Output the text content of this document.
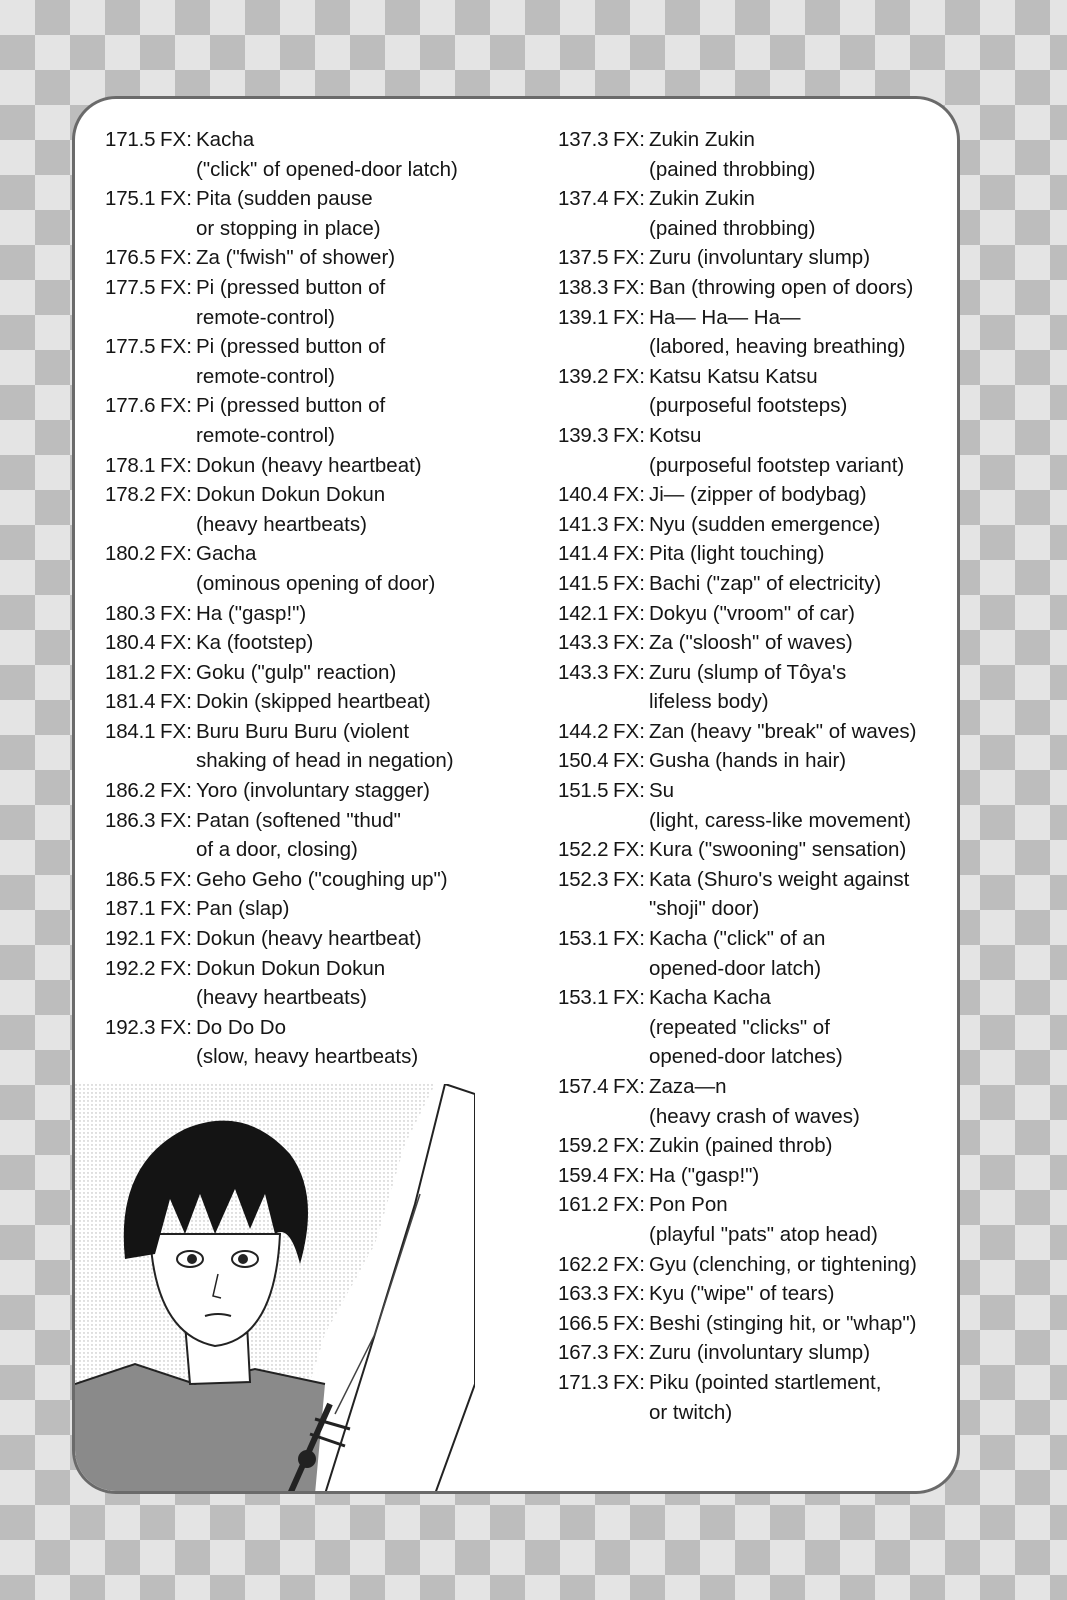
171.5 FX: Kacha
("click" of opened-door latch)
175.1 FX: Pita (sudden pause
or stopping in place)
176.5 FX: Za ("fwish" of shower)
177.5 FX: Pi (pressed button of
remote-control)
177.5 FX: Pi (pressed button of
remote-control)
177.6 FX: Pi (pressed button of
remote-control)
178.1 FX: Dokun (heavy heartbeat)
178.2 FX: Dokun Dokun Dokun
(heavy heartbeats)
180.2 FX: Gacha
(ominous opening of door)
180.3 FX: Ha ("gasp!")
180.4 FX: Ka (footstep)
181.2 FX: Goku ("gulp" reaction)
181.4 FX: Dokin (skipped heartbeat)
184.1 FX: Buru Buru Buru (violent
shaking of head in negation)
186.2 FX: Yoro (involuntary stagger)
186.3 FX: Patan (softened "thud"
of a door, closing)
186.5 FX: Geho Geho ("coughing up")
187.1 FX: Pan (slap)
192.1 FX: Dokun (heavy heartbeat)
192.2 FX: Dokun Dokun Dokun
(heavy heartbeats)
192.3 FX: Do Do Do
(slow, heavy heartbeats)
137.3 FX: Zukin Zukin
(pained throbbing)
137.4 FX: Zukin Zukin
(pained throbbing)
137.5 FX: Zuru (involuntary slump)
138.3 FX: Ban (throwing open of doors)
139.1 FX: Ha— Ha— Ha—
(labored, heaving breathing)
139.2 FX: Katsu Katsu Katsu
(purposeful footsteps)
139.3 FX: Kotsu
(purposeful footstep variant)
140.4 FX: Ji— (zipper of bodybag)
141.3 FX: Nyu (sudden emergence)
141.4 FX: Pita (light touching)
141.5 FX: Bachi ("zap" of electricity)
142.1 FX: Dokyu ("vroom" of car)
143.3 FX: Za ("sloosh" of waves)
143.3 FX: Zuru (slump of Tôya's
lifeless body)
144.2 FX: Zan (heavy "break" of waves)
150.4 FX: Gusha (hands in hair)
151.5 FX: Su
(light, caress-like movement)
152.2 FX: Kura ("swooning" sensation)
152.3 FX: Kata (Shuro's weight against
"shoji" door)
153.1 FX: Kacha ("click" of an
opened-door latch)
153.1 FX: Kacha Kacha
(repeated "clicks" of
opened-door latches)
157.4 FX: Zaza—n
(heavy crash of waves)
159.2 FX: Zukin (pained throb)
159.4 FX: Ha ("gasp!")
161.2 FX: Pon Pon
(playful "pats" atop head)
162.2 FX: Gyu (clenching, or tightening)
163.3 FX: Kyu ("wipe" of tears)
166.5 FX: Beshi (stinging hit, or "whap")
167.3 FX: Zuru (involuntary slump)
171.3 FX: Piku (pointed startlement,
or twitch)
